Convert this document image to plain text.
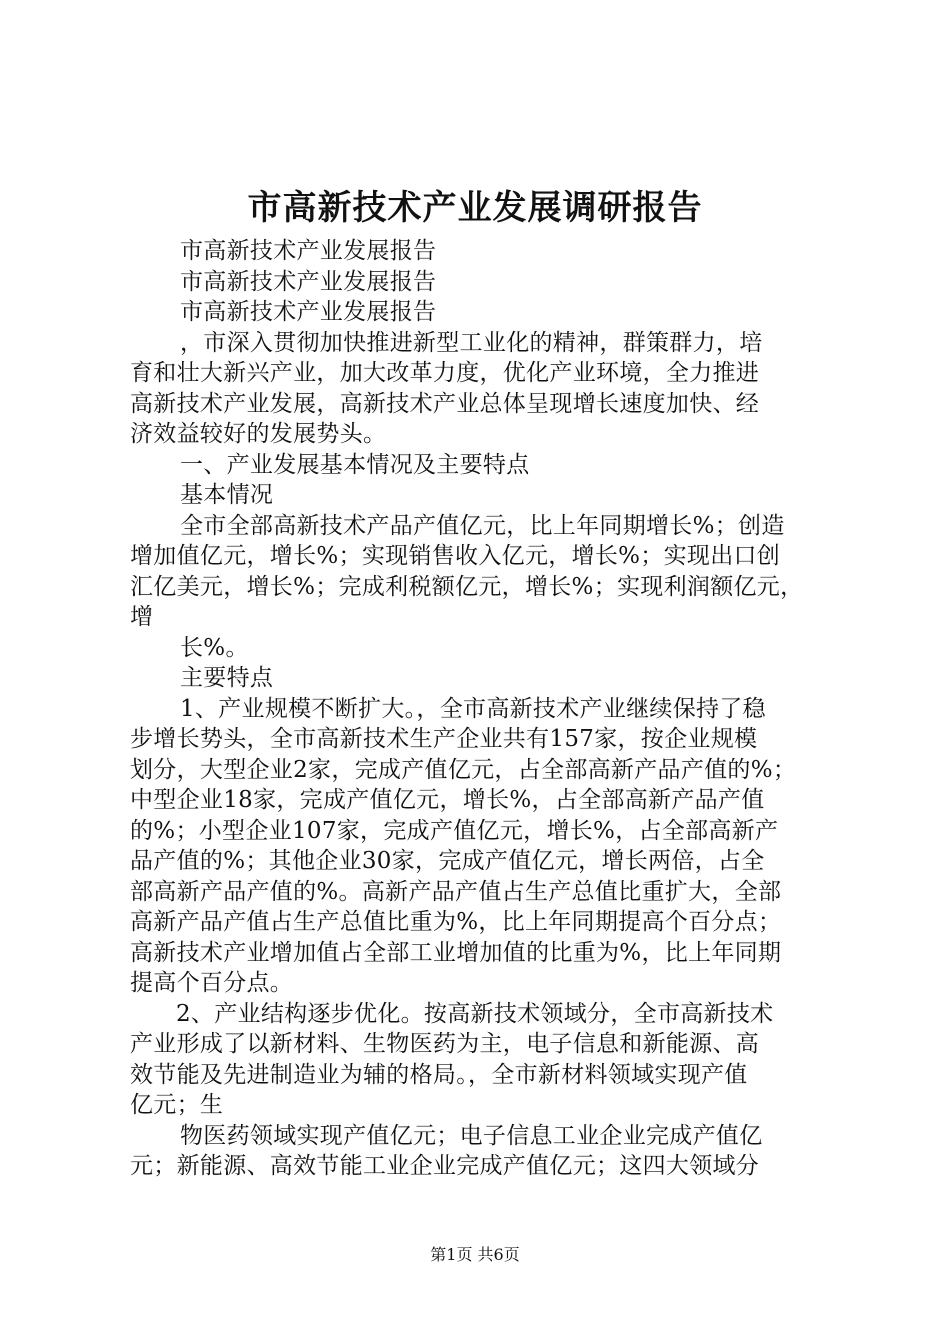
市高新技术产业发展调研报告
市高新技术产业发展报告
市高新技术产业发展报告
市高新技术产业发展报告
，市深入贯彻加快推进新型工业化的精神，群策群力，培
育和壮大新兴产业，加大改革力度，优化产业环境，全力推进
高新技术产业发展，高新技术产业总体呈现增长速度加快、经
济效益较好的发展势头。
一、产业发展基本情况及主要特点
基本情况
全市全部高新技术产品产值亿元，比上年同期增长%；创造
增加值亿元，增长%；实现销售收入亿元，增长%；实现出口创
汇亿美元，增长%；完成利税额亿元，增长%；实现利润额亿元，
增
长%。
主要特点
1、产业规模不断扩大。，全市高新技术产业继续保持了稳
步增长势头，全市高新技术生产企业共有157家，按企业规模
划分，大型企业2家，完成产值亿元，占全部高新产品产值的%；
中型企业18家，完成产值亿元，增长%，占全部高新产品产值
的%；小型企业107家，完成产值亿元，增长%，占全部高新产
品产值的%；其他企业30家，完成产值亿元，增长两倍，占全
部高新产品产值的%。高新产品产值占生产总值比重扩大，全部
高新产品产值占生产总值比重为%，比上年同期提高个百分点；
高新技术产业增加值占全部工业增加值的比重为%，比上年同期
提高个百分点。
2、产业结构逐步优化。按高新技术领域分，全市高新技术
产业形成了以新材料、生物医药为主，电子信息和新能源、高
效节能及先进制造业为辅的格局。，全市新材料领域实现产值
亿元；生
物医药领域实现产值亿元；电子信息工业企业完成产值亿
元；新能源、高效节能工业企业完成产值亿元；这四大领域分
第1页 共6页
